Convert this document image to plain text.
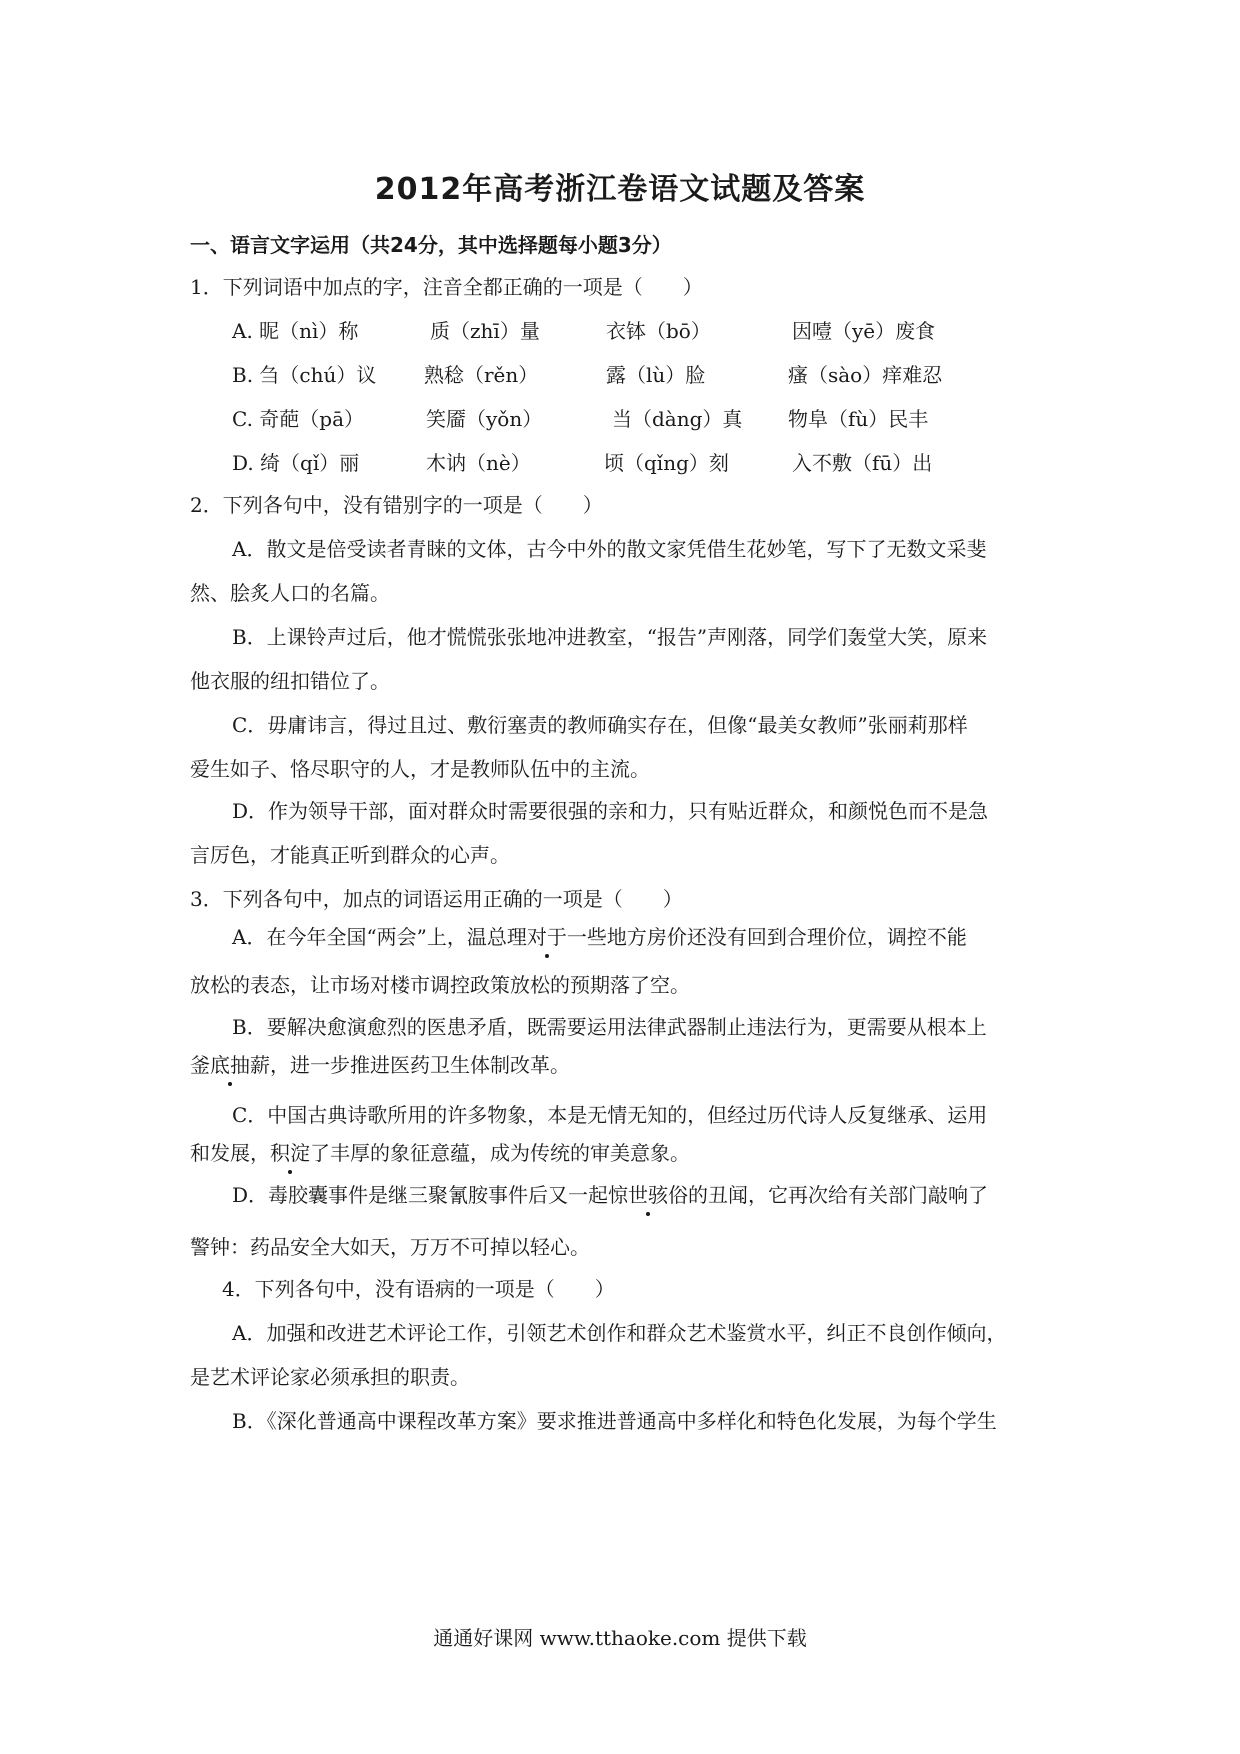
2012年高考浙江卷语文试题及答案
一、语言文字运用（共24分，其中选择题每小题3分）
1．下列词语中加点的字，注音全都正确的一项是（　　）
A. 昵（nì）称	质（zhī）量	衣钵（bō）	因噎（yē）废食
B. 刍（chú）议 熟稔（rěn）	露（lù）脸	瘙（sào）痒难忍
C. 奇葩（pā）	笑靥（yǒn）	当（dàng）真 物阜（fù）民丰
D. 绮（qǐ）丽	木讷（nè）	顷（qǐng）刻	入不敷（fū）出
2．下列各句中，没有错别字的一项是（　　）
A．散文是倍受读者青睐的文体，古今中外的散文家凭借生花妙笔，写下了无数文采斐
然、脍炙人口的名篇。
B．上课铃声过后，他才慌慌张张地冲进教室，“报告”声刚落，同学们轰堂大笑，原来
他衣服的纽扣错位了。
C．毋庸讳言，得过且过、敷衍塞责的教师确实存在，但像“最美女教师”张丽莉那样
爱生如子、恪尽职守的人，才是教师队伍中的主流。
D．作为领导干部，面对群众时需要很强的亲和力，只有贴近群众，和颜悦色而不是急
言厉色，才能真正听到群众的心声。
3．下列各句中，加点的词语运用正确的一项是（　　）
A．在今年全国“两会”上，温总理对于一些地方房价还没有回到合理价位，调控不能
放松的表态，让市场对楼市调控政策放松的预期落了空。
B．要解决愈演愈烈的医患矛盾，既需要运用法律武器制止违法行为，更需要从根本上
釜底抽薪，进一步推进医药卫生体制改革。
C．中国古典诗歌所用的许多物象，本是无情无知的，但经过历代诗人反复继承、运用
和发展，积淀了丰厚的象征意蕴，成为传统的审美意象。
D．毒胶囊事件是继三聚氰胺事件后又一起惊世骇俗的丑闻，它再次给有关部门敲响了
警钟：药品安全大如天，万万不可掉以轻心。
4．下列各句中，没有语病的一项是（　　）
A．加强和改进艺术评论工作，引领艺术创作和群众艺术鉴赏水平，纠正不良创作倾向，
是艺术评论家必须承担的职责。
B．《深化普通高中课程改革方案》要求推进普通高中多样化和特色化发展，为每个学生
通通好课网 www.tthaoke.com 提供下载
